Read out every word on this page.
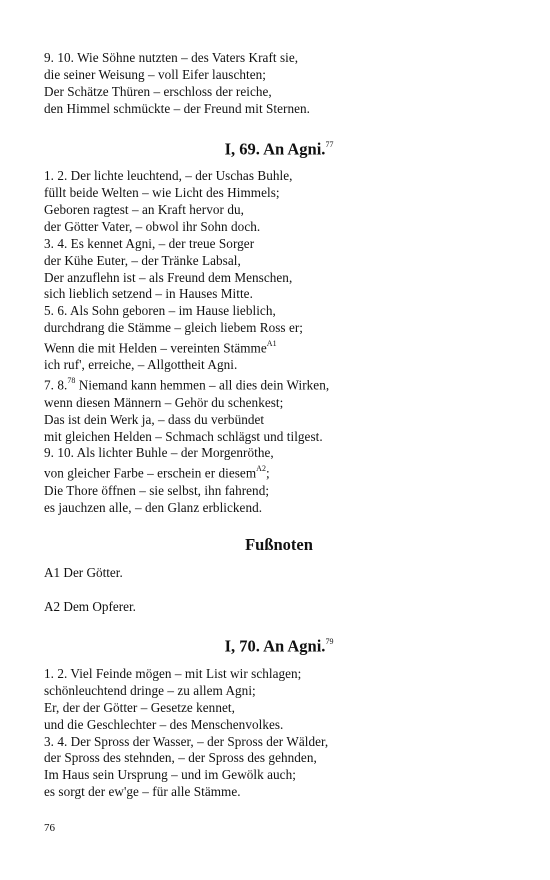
9. 10. Wie Söhne nutzten – des Vaters Kraft sie,
die seiner Weisung – voll Eifer lauschten;
Der Schätze Thüren – erschloss der reiche,
den Himmel schmückte – der Freund mit Sternen.
I, 69. An Agni.$^{77}$
1. 2. Der lichte leuchtend, – der Uschas Buhle,
füllt beide Welten – wie Licht des Himmels;
Geboren ragtest – an Kraft hervor du,
der Götter Vater, – obwol ihr Sohn doch.
3. 4. Es kennet Agni, – der treue Sorger
der Kühe Euter, – der Tränke Labsal,
Der anzuflehn ist – als Freund dem Menschen,
sich lieblich setzend – in Hauses Mitte.
5. 6. Als Sohn geboren – im Hause lieblich,
durchdrang die Stämme – gleich liebem Ross er;
Wenn die mit Helden – vereinten Stämme$^{A1}$
ich ruf', erreiche, – Allgottheit Agni.
7. 8.78 Niemand kann hemmen – all dies dein Wirken,
wenn diesen Männern – Gehör du schenkest;
Das ist dein Werk ja, – dass du verbündet
mit gleichen Helden – Schmach schlägst und tilgest.
9. 10. Als lichter Buhle – der Morgenröthe,
von gleicher Farbe – erschein er diesem$^{A2}$;
Die Thore öffnen – sie selbst, ihn fahrend;
es jauchzen alle, – den Glanz erblickend.
Fußnoten
A1 Der Götter.
A2 Dem Opferer.
I, 70. An Agni.$^{79}$
1. 2. Viel Feinde mögen – mit List wir schlagen;
schönleuchtend dringe – zu allem Agni;
Er, der der Götter – Gesetze kennet,
und die Geschlechter – des Menschenvolkes.
3. 4. Der Spross der Wasser, – der Spross der Wälder,
der Spross des stehnden, – der Spross des gehnden,
Im Haus sein Ursprung – und im Gewölk auch;
es sorgt der ew'ge – für alle Stämme.
76
